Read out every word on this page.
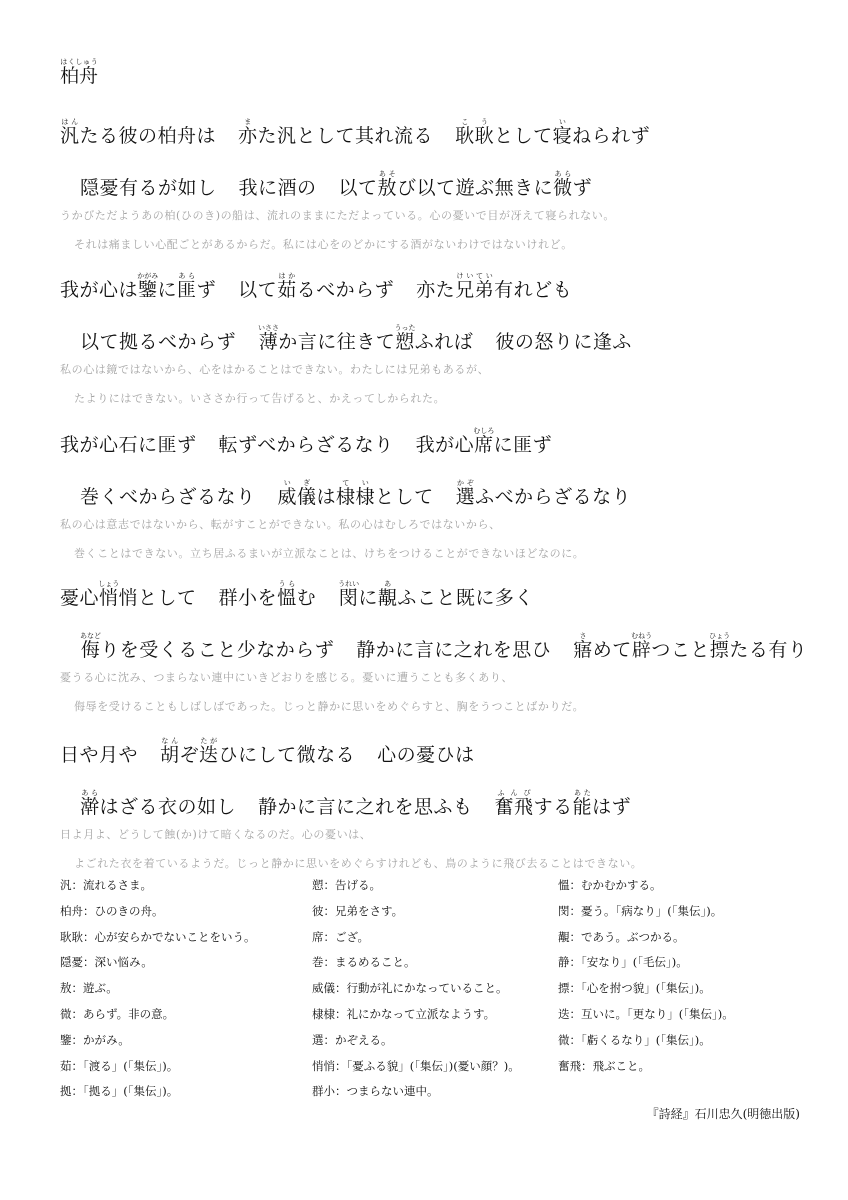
柏舟はくしゅう
汎はんたる彼の柏舟は 亦また汎として其れ流る 耿耿こうとして寝いねられず
隠憂有るが如し 我に酒の 以て敖あそび以て遊ぶ無きに微あらず
うかびただようあの柏(ひのき)の船は、流れのままにただよっている。心の憂いで目が冴えて寝られない。
それは痛ましい心配ごとがあるからだ。私には心をのどかにする酒がないわけではないけれど。
我が心は鑒かがみに匪あらず 以て茹はかるべからず 亦た兄弟けいてい有れども
以て拠るべからず 薄いささか言に往きて愬うったふれば 彼の怒りに逢ふ
私の心は鏡ではないから、心をはかることはできない。わたしには兄弟もあるが、
たよりにはできない。いささか行って告げると、かえってしかられた。
我が心石に匪ず 転ずべからざるなり 我が心席むしろに匪ず
巻くべからざるなり 威儀いぎは棣棣ていとして 選かぞふべからざるなり
私の心は意志ではないから、転がすことができない。私の心はむしろではないから、
巻くことはできない。立ち居ふるまいが立派なことは、けちをつけることができないほどなのに。
憂心悄しょう悄として 群小を慍うらむ 閔うれいに覯あふこと既に多く
侮あなどりを受くること少なからず 静かに言に之れを思ひ 寤さめて辟むねうつこと摽ひょうたる有り
憂うる心に沈み、つまらない連中にいきどおりを感じる。憂いに遭うことも多くあり、
侮辱を受けることもしばしばであった。じっと静かに思いをめぐらすと、胸をうつことばかりだ。
日や月や 胡なんぞ迭たがひにして微なる 心の憂ひは
澣あらはざる衣の如し 静かに言に之れを思ふも 奮飛ふんぴする能あたはず
日よ月よ、どうして蝕(か)けて暗くなるのだ。心の憂いは、
よごれた衣を着ているようだ。じっと静かに思いをめぐらすけれども、鳥のように飛び去ることはできない。
汎：流れるさま。
柏舟：ひのきの舟。
耿耿：心が安らかでないことをいう。
隠憂：深い悩み。
敖：遊ぶ。
微：あらず。非の意。
鑒：かがみ。
茹：「渡る」(「集伝」)。
拠：「拠る」(「集伝」)。
愬：告げる。
彼：兄弟をさす。
席：ござ。
巻：まるめること。
威儀：行動が礼にかなっていること。
棣棣：礼にかなって立派なようす。
選：かぞえる。
悄悄：「憂ふる貌」(「集伝」)(憂い顔？)。
群小：つまらない連中。
慍：むかむかする。
閔：憂う。「病なり」(「集伝」)。
覯：であう。ぶつかる。
静：「安なり」(「毛伝」)。
摽：「心を拊つ貌」(「集伝」)。
迭：互いに。「更なり」(「集伝」)。
微：「虧くるなり」(「集伝」)。
奮飛：飛ぶこと。
『詩経』石川忠久(明徳出版)
